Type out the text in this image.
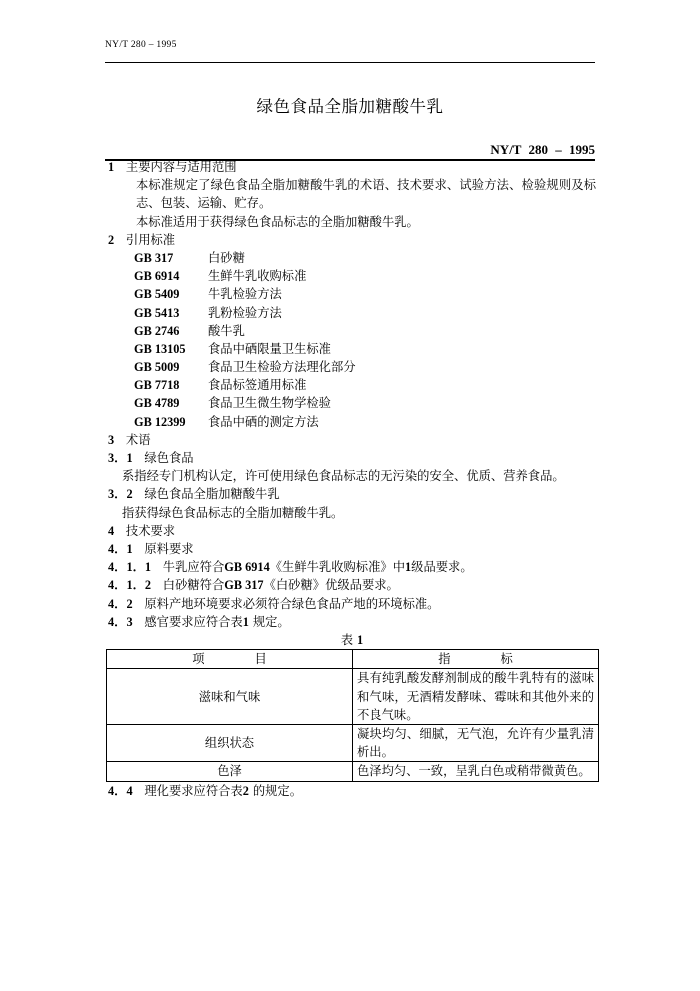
NY/T 280 – 1995
绿色食品全脂加糖酸牛乳
NY/T 280 – 1995
1 主要内容与适用范围
本标准规定了绿色食品全脂加糖酸牛乳的术语、技术要求、试验方法、检验规则及标志、包装、运输、贮存。
本标准适用于获得绿色食品标志的全脂加糖酸牛乳。
2 引用标准
GB 317	白砂糖
GB 6914 生鲜牛乳收购标准
GB 5409 牛乳检验方法
GB 5413 乳粉检验方法
GB 2746 酸牛乳
GB 13105 食品中硒限量卫生标准
GB 5009 食品卫生检验方法理化部分
GB 7718 食品标签通用标准
GB 4789 食品卫生微生物学检验
GB 12399 食品中硒的测定方法
3 术语
3．1 绿色食品
系指经专门机构认定，许可使用绿色食品标志的无污染的安全、优质、营养食品。
3．2 绿色食品全脂加糖酸牛乳
指获得绿色食品标志的全脂加糖酸牛乳。
4 技术要求
4．1 原料要求
4．1．1 牛乳应符合GB 6914《生鲜牛乳收购标准》中1级品要求。
4．1．2 白砂糖符合GB 317《白砂糖》优级品要求。
4．2 原料产地环境要求必须符合绿色食品产地的环境标准。
4．3 感官要求应符合表1 规定。
表 1
项目	指标
滋味和气味	具有纯乳酸发酵剂制成的酸牛乳特有的滋味和气味，无酒精发酵味、霉味和其他外来的不良气味。
组织状态	凝块均匀、细腻，无气泡，允许有少量乳清析出。
色泽	色泽均匀、一致，呈乳白色或稍带微黄色。
4．4 理化要求应符合表2 的规定。
